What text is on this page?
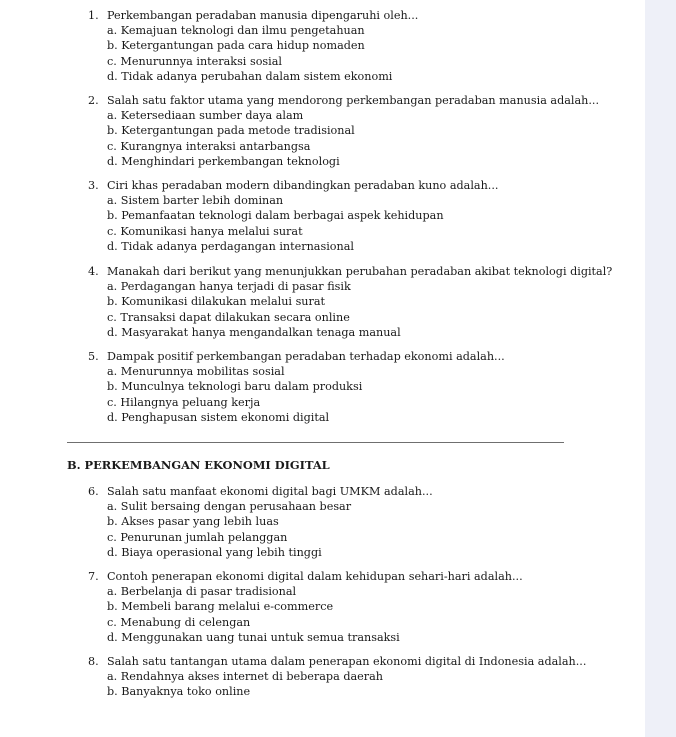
1. Perkembangan peradaban manusia dipengaruhi oleh...
a. Kemajuan teknologi dan ilmu pengetahuan
b. Ketergantungan pada cara hidup nomaden
c. Menurunnya interaksi sosial
d. Tidak adanya perubahan dalam sistem ekonomi
2. Salah satu faktor utama yang mendorong perkembangan peradaban manusia adalah...
a. Ketersediaan sumber daya alam
b. Ketergantungan pada metode tradisional
c. Kurangnya interaksi antarbangsa
d. Menghindari perkembangan teknologi
3. Ciri khas peradaban modern dibandingkan peradaban kuno adalah...
a. Sistem barter lebih dominan
b. Pemanfaatan teknologi dalam berbagai aspek kehidupan
c. Komunikasi hanya melalui surat
d. Tidak adanya perdagangan internasional
4. Manakah dari berikut yang menunjukkan perubahan peradaban akibat teknologi digital?
a. Perdagangan hanya terjadi di pasar fisik
b. Komunikasi dilakukan melalui surat
c. Transaksi dapat dilakukan secara online
d. Masyarakat hanya mengandalkan tenaga manual
5. Dampak positif perkembangan peradaban terhadap ekonomi adalah...
a. Menurunnya mobilitas sosial
b. Munculnya teknologi baru dalam produksi
c. Hilangnya peluang kerja
d. Penghapusan sistem ekonomi digital
B. PERKEMBANGAN EKONOMI DIGITAL
6. Salah satu manfaat ekonomi digital bagi UMKM adalah...
a. Sulit bersaing dengan perusahaan besar
b. Akses pasar yang lebih luas
c. Penurunan jumlah pelanggan
d. Biaya operasional yang lebih tinggi
7. Contoh penerapan ekonomi digital dalam kehidupan sehari-hari adalah...
a. Berbelanja di pasar tradisional
b. Membeli barang melalui e-commerce
c. Menabung di celengan
d. Menggunakan uang tunai untuk semua transaksi
8. Salah satu tantangan utama dalam penerapan ekonomi digital di Indonesia adalah...
a. Rendahnya akses internet di beberapa daerah
b. Banyaknya toko online
